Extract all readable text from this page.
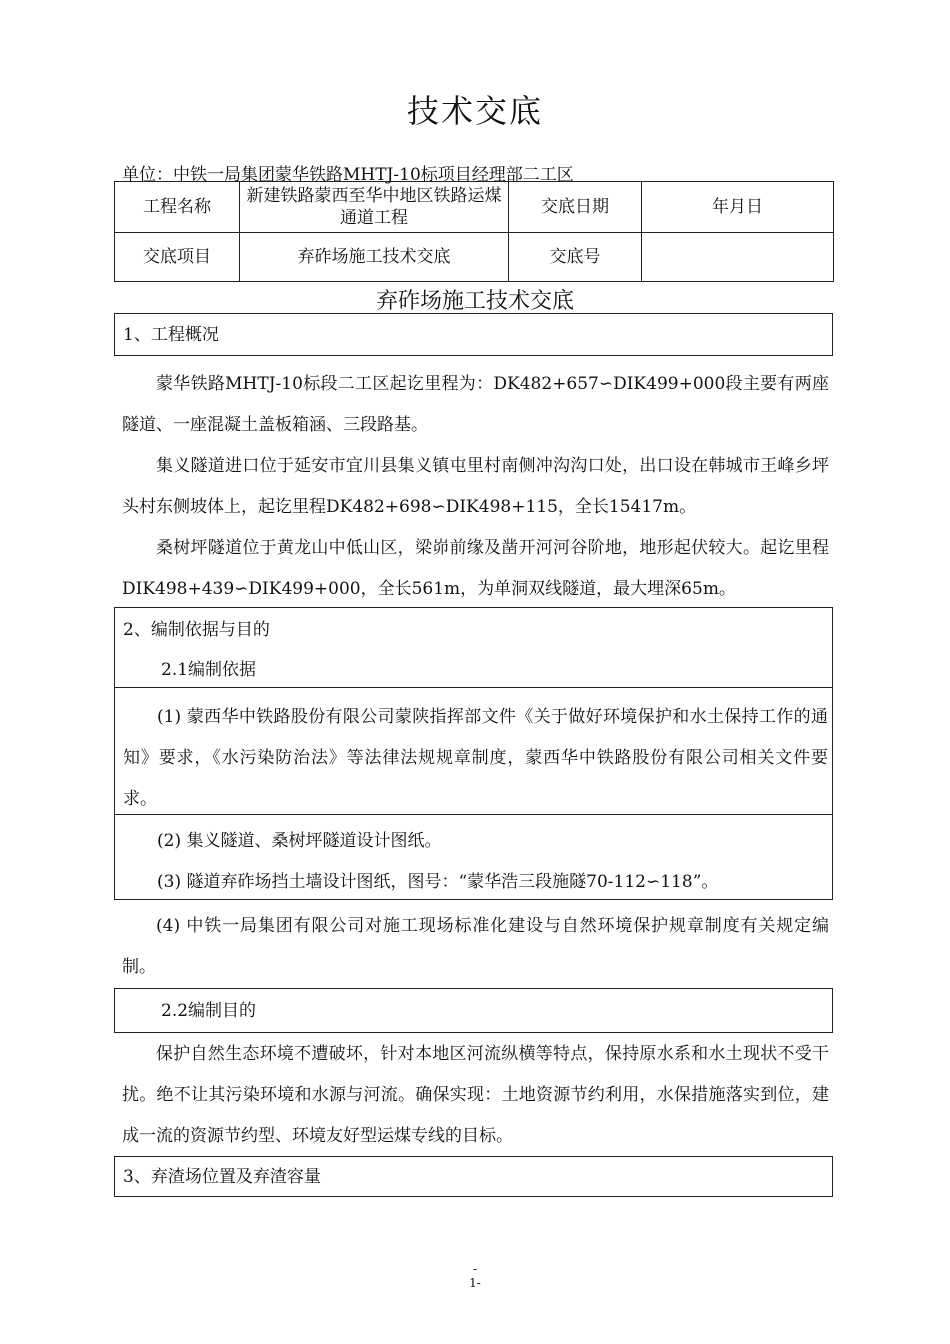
技术交底
单位：中铁一局集团蒙华铁路MHTJ-10标项目经理部二工区
工程名称	新建铁路蒙西至华中地区铁路运煤通道工程	交底日期	年月日
交底项目	弃砟场施工技术交底	交底号	
弃砟场施工技术交底
1、工程概况
蒙华铁路MHTJ-10标段二工区起讫里程为：DK482+657∽DIK499+000段主要有两座隧道、一座混凝土盖板箱涵、三段路基。
集义隧道进口位于延安市宜川县集义镇屯里村南侧冲沟沟口处，出口设在韩城市王峰乡坪头村东侧坡体上，起讫里程DK482+698∽DIK498+115，全长15417m。
桑树坪隧道位于黄龙山中低山区，梁峁前缘及凿开河河谷阶地，地形起伏较大。起讫里程DIK498+439∽DIK499+000，全长561m，为单洞双线隧道，最大埋深65m。
2、编制依据与目的
2.1编制依据
(1) 蒙西华中铁路股份有限公司蒙陕指挥部文件《关于做好环境保护和水土保持工作的通知》要求，《水污染防治法》等法律法规规章制度，蒙西华中铁路股份有限公司相关文件要求。
(2) 集义隧道、桑树坪隧道设计图纸。
(3) 隧道弃砟场挡土墙设计图纸，图号：“蒙华浩三段施隧70-112∽118”。
(4) 中铁一局集团有限公司对施工现场标准化建设与自然环境保护规章制度有关规定编制。
2.2编制目的
保护自然生态环境不遭破坏，针对本地区河流纵横等特点，保持原水系和水土现状不受干扰。绝不让其污染环境和水源与河流。确保实现：土地资源节约利用，水保措施落实到位，建成一流的资源节约型、环境友好型运煤专线的目标。
3、弃渣场位置及弃渣容量
-
1-
